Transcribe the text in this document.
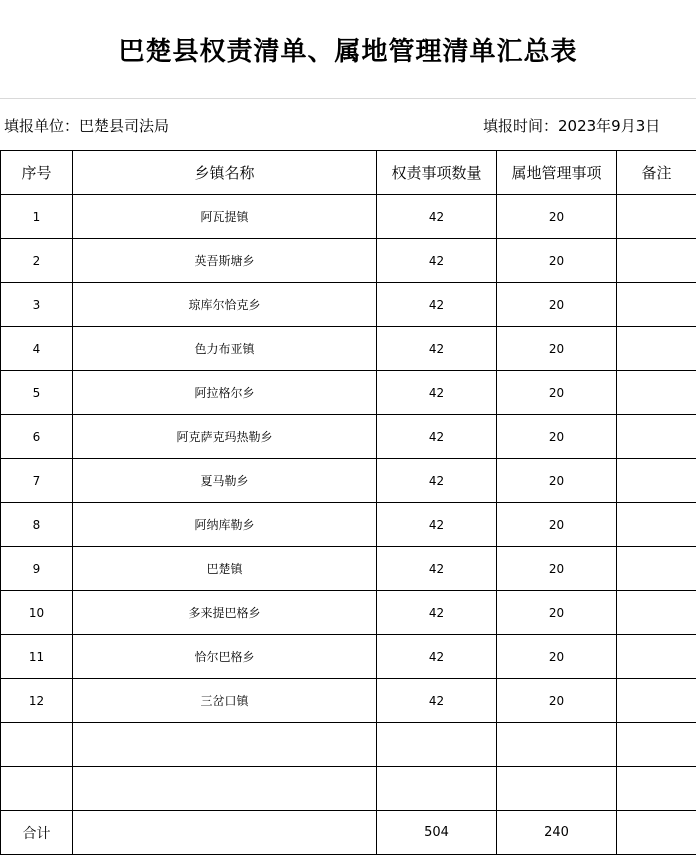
巴楚县权责清单、属地管理清单汇总表
填报单位：巴楚县司法局	填报时间：2023年9月3日
序号	乡镇名称	权责事项数量	属地管理事项	备注
1	阿瓦提镇	42	20	
2	英吾斯塘乡	42	20	
3	琼库尔恰克乡	42	20	
4	色力布亚镇	42	20	
5	阿拉格尔乡	42	20	
6	阿克萨克玛热勒乡	42	20	
7	夏马勒乡	42	20	
8	阿纳库勒乡	42	20	
9	巴楚镇	42	20	
10	多来提巴格乡	42	20	
11	恰尔巴格乡	42	20	
12	三岔口镇	42	20	

合计		504	240	
